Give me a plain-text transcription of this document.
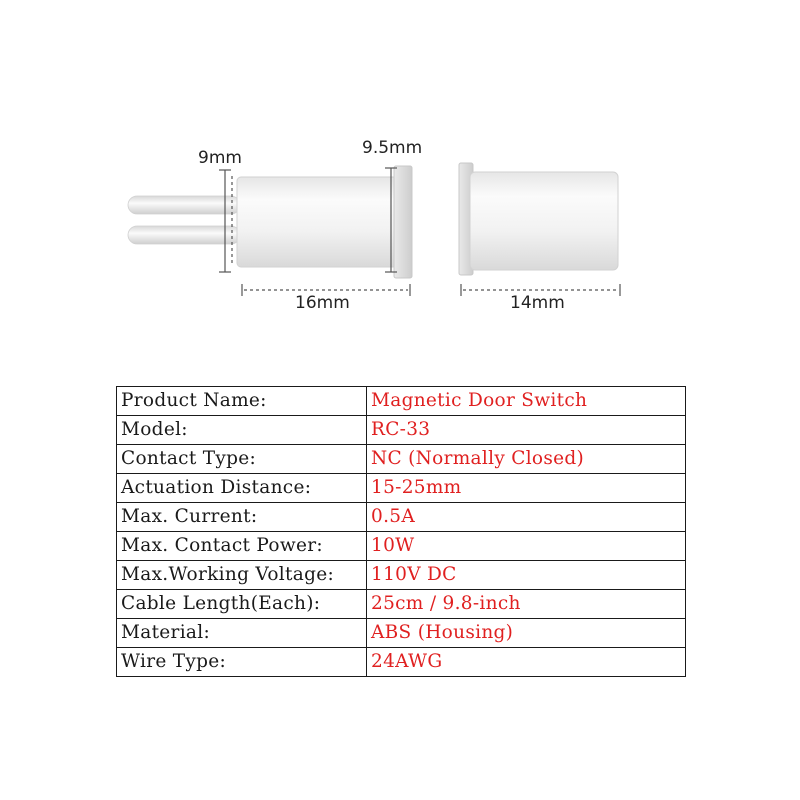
9mm	9.5mm
16mm	14mm
Product Name:	Magnetic Door Switch
Model:	RC-33
Contact Type:	NC (Normally Closed)
Actuation Distance:	15-25mm
Max. Current:	0.5A
Max. Contact Power:	10W
Max.Working Voltage:	110V DC
Cable Length(Each):	25cm / 9.8-inch
Material:	ABS (Housing)
Wire Type:	24AWG
